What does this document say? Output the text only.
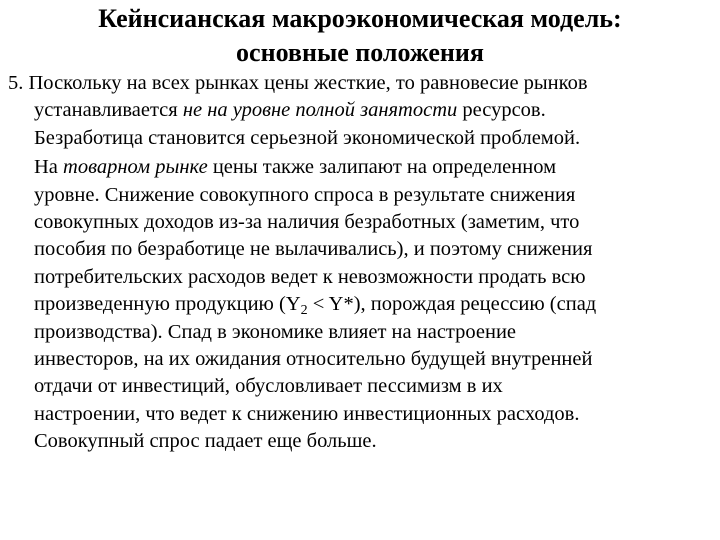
Кейнсианская макроэкономическая модель:
основные положения
5. Поскольку на всех рынках цены жесткие, то равновесие рынков
устанавливается не на уровне полной занятости ресурсов.
Безработица становится серьезной экономической проблемой.
На товарном рынке цены также залипают на определенном
уровне. Снижение совокупного спроса в результате снижения
совокупных доходов из-за наличия безработных (заметим, что
пособия по безработице не вылачивались), и поэтому снижения
потребительских расходов ведет к невозможности продать всю
произведенную продукцию $(Y_2 < Y*)$, порождая рецессию (спад
производства). Спад в экономике влияет на настроение
инвесторов, на их ожидания относительно будущей внутренней
отдачи от инвестиций, обусловливает пессимизм в их
настроении, что ведет к снижению инвестиционных расходов.
Совокупный спрос падает еще больше.
